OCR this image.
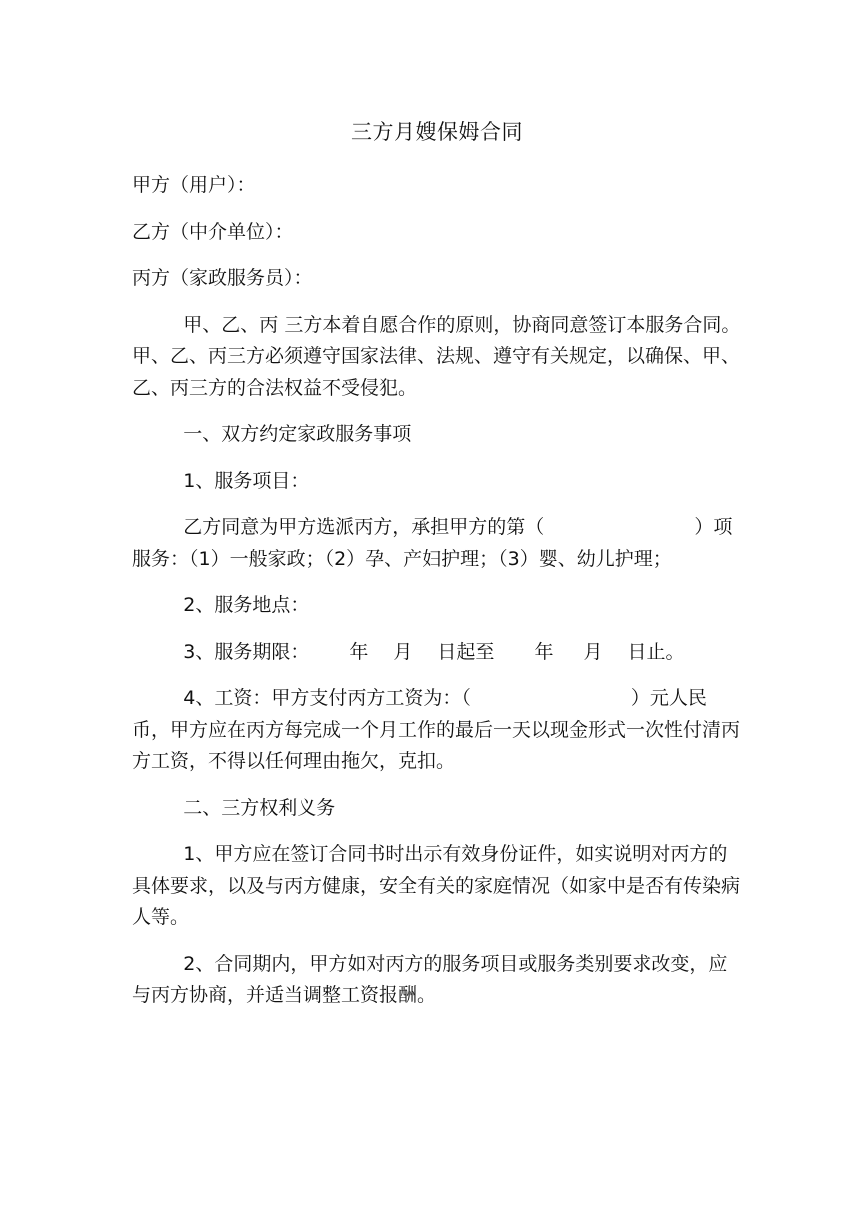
三方月嫂保姆合同
甲方（用户）：
乙方（中介单位）：
丙方（家政服务员）：
甲、乙、丙 三方本着自愿合作的原则，协商同意签订本服务合同。甲、乙、丙三方必须遵守国家法律、法规、遵守有关规定，以确保、甲、乙、丙三方的合法权益不受侵犯。
一、双方约定家政服务事项
1、服务项目：
乙方同意为甲方选派丙方，承担甲方的第（	）项服务：（1）一般家政；（2）孕、产妇护理；（3）婴、幼儿护理；
2、服务地点：
3、服务期限： 年 月 日起至 年 月 日止。
4、工资：甲方支付丙方工资为：（	）元人民币，甲方应在丙方每完成一个月工作的最后一天以现金形式一次性付清丙方工资，不得以任何理由拖欠，克扣。
二、三方权利义务
1、甲方应在签订合同书时出示有效身份证件，如实说明对丙方的具体要求，以及与丙方健康，安全有关的家庭情况（如家中是否有传染病人等。
2、合同期内，甲方如对丙方的服务项目或服务类别要求改变，应与丙方协商，并适当调整工资报酬。
